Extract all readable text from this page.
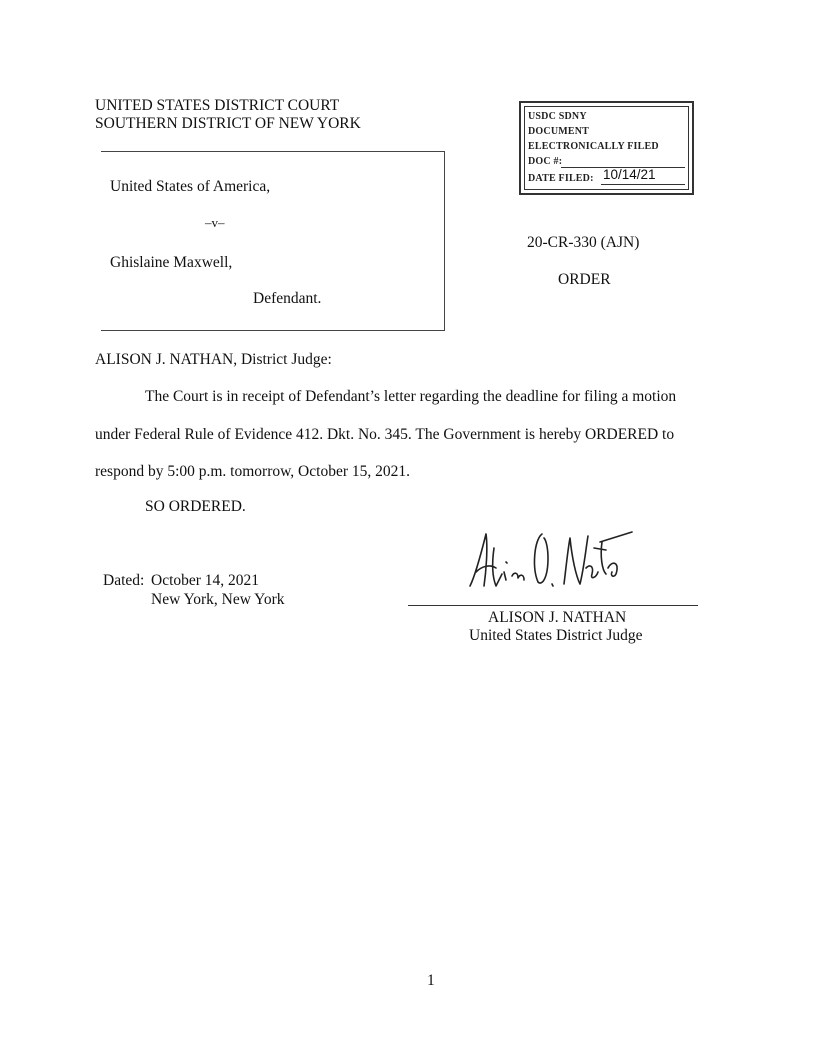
UNITED STATES DISTRICT COURT
SOUTHERN DISTRICT OF NEW YORK	USDC SDNY
DOCUMENT
ELECTRONICALLY FILED
DOC #:
DATE FILED: 10/14/21
United States of America,
–v–
Ghislaine Maxwell,
Defendant.
20-CR-330 (AJN)
ORDER
ALISON J. NATHAN, District Judge:
The Court is in receipt of Defendant’s letter regarding the deadline for filing a motion
under Federal Rule of Evidence 412. Dkt. No. 345. The Government is hereby ORDERED to
respond by 5:00 p.m. tomorrow, October 15, 2021.
SO ORDERED.
Dated: October 14, 2021
New York, New York
ALISON J. NATHAN
United States District Judge
1
